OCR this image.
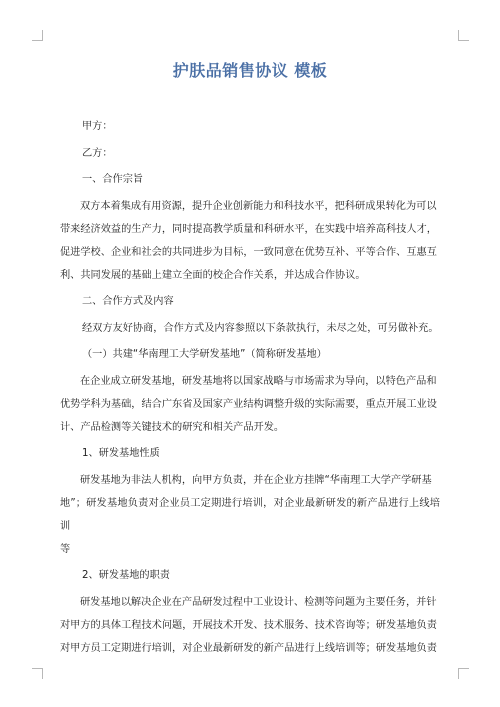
护肤品销售协议 模板
甲方：
乙方：
一、合作宗旨
双方本着集成有用资源，提升企业创新能力和科技水平，把科研成果转化为可以
带来经济效益的生产力，同时提高教学质量和科研水平，在实践中培养高科技人才，
促进学校、企业和社会的共同进步为目标，一致同意在优势互补、平等合作、互惠互
利、共同发展的基础上建立全面的校企合作关系，并达成合作协议。
二、合作方式及内容
经双方友好协商，合作方式及内容参照以下条款执行，未尽之处，可另做补充。
（一）共建“华南理工大学研发基地”（简称研发基地）
在企业成立研发基地，研发基地将以国家战略与市场需求为导向，以特色产品和
优势学科为基础，结合广东省及国家产业结构调整升级的实际需要，重点开展工业设
计、产品检测等关键技术的研究和相关产品开发。
1、研发基地性质
研发基地为非法人机构，向甲方负责，并在企业方挂牌“华南理工大学产学研基
地”；研发基地负责对企业员工定期进行培训，对企业最新研发的新产品进行上线培训
等
2、研发基地的职责
研发基地以解决企业在产品研发过程中工业设计、检测等问题为主要任务，并针
对甲方的具体工程技术问题，开展技术开发、技术服务、技术咨询等；研发基地负责
对甲方员工定期进行培训，对企业最新研发的新产品进行上线培训等；研发基地负责
